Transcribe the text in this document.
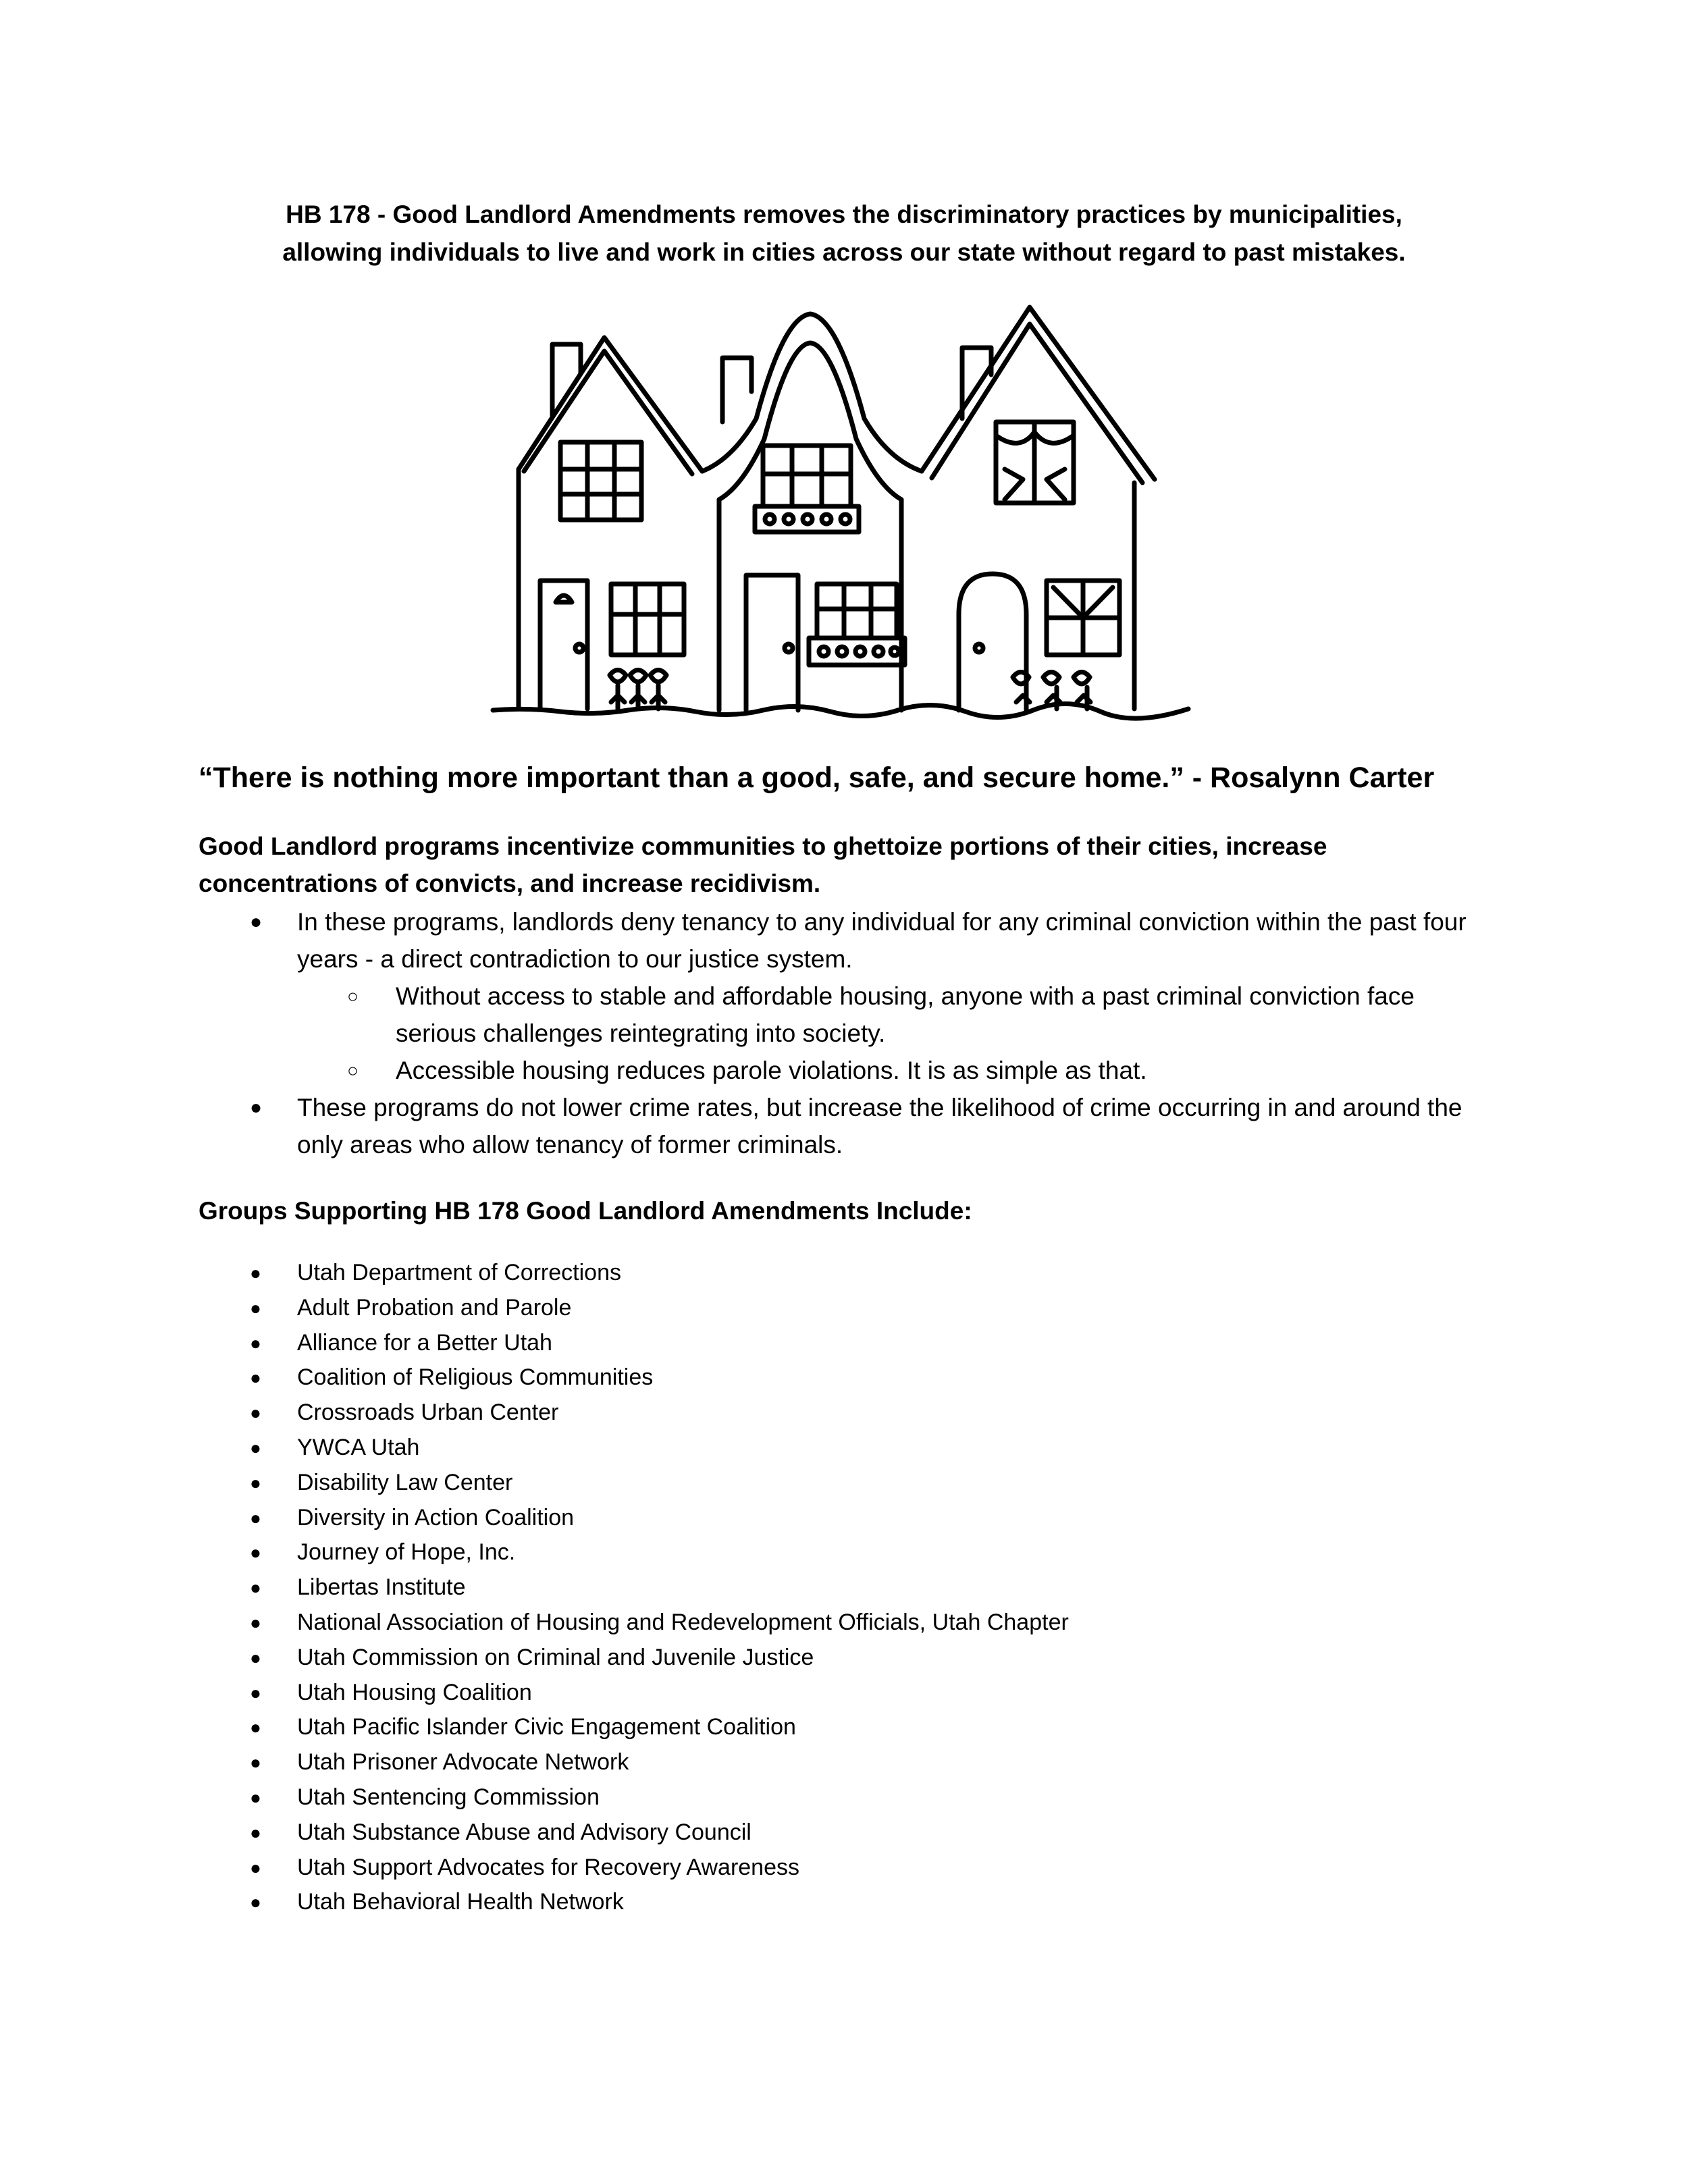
HB 178 - Good Landlord Amendments removes the discriminatory practices by municipalities,
allowing individuals to live and work in cities across our state without regard to past mistakes.
“There is nothing more important than a good, safe, and secure home.” - Rosalynn Carter
Good Landlord programs incentivize communities to ghettoize portions of their cities, increase concentrations of convicts, and increase recidivism.
● In these programs, landlords deny tenancy to any individual for any criminal conviction within the past four years - a direct contradiction to our justice system.
○ Without access to stable and affordable housing, anyone with a past criminal conviction face serious challenges reintegrating into society.
○ Accessible housing reduces parole violations. It is as simple as that.
● These programs do not lower crime rates, but increase the likelihood of crime occurring in and around the only areas who allow tenancy of former criminals.
Groups Supporting HB 178 Good Landlord Amendments Include:
● Utah Department of Corrections
● Adult Probation and Parole
● Alliance for a Better Utah
● Coalition of Religious Communities
● Crossroads Urban Center
● YWCA Utah
● Disability Law Center
● Diversity in Action Coalition
● Journey of Hope, Inc.
● Libertas Institute
● National Association of Housing and Redevelopment Officials, Utah Chapter
● Utah Commission on Criminal and Juvenile Justice
● Utah Housing Coalition
● Utah Pacific Islander Civic Engagement Coalition
● Utah Prisoner Advocate Network
● Utah Sentencing Commission
● Utah Substance Abuse and Advisory Council
● Utah Support Advocates for Recovery Awareness
● Utah Behavioral Health Network
